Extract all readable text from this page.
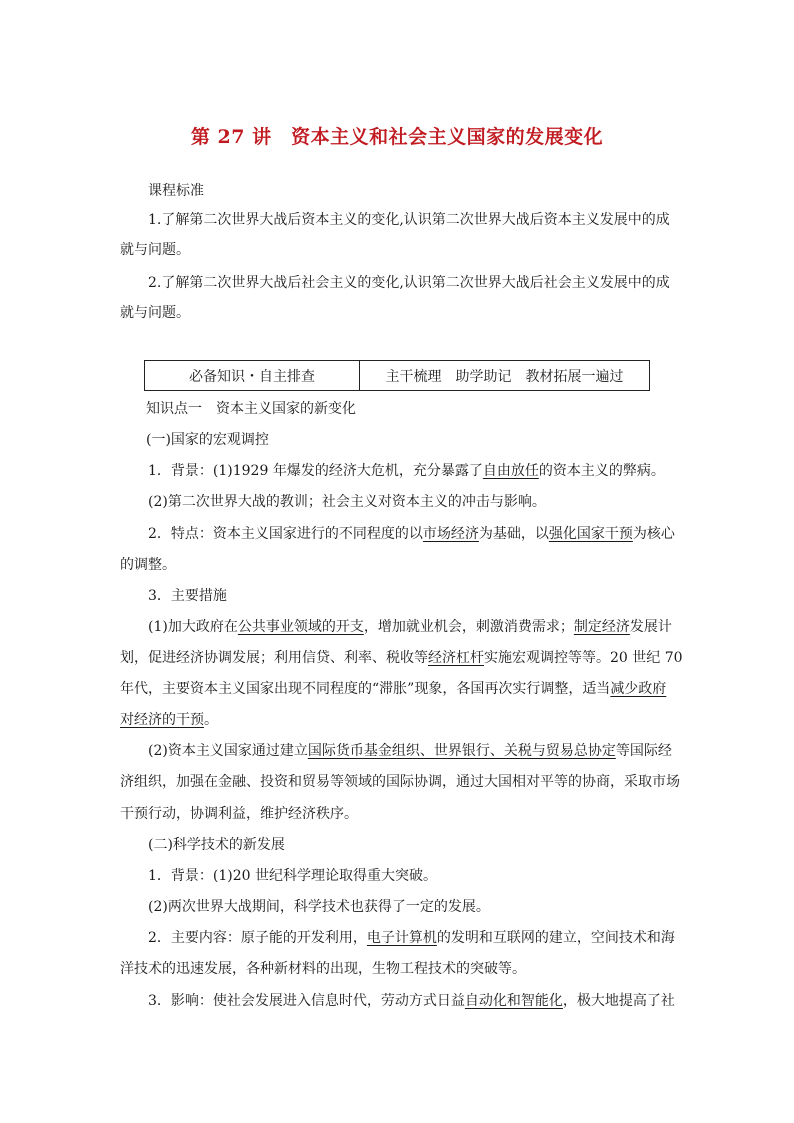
第 27 讲　资本主义和社会主义国家的发展变化
课程标准
1.了解第二次世界大战后资本主义的变化,认识第二次世界大战后资本主义发展中的成
就与问题。
2.了解第二次世界大战后社会主义的变化,认识第二次世界大战后社会主义发展中的成
就与问题。
必备知识・自主排查	主干梳理　助学助记　教材拓展一遍过
知识点一　资本主义国家的新变化
(一)国家的宏观调控
1．背景：(1)1929 年爆发的经济大危机，充分暴露了自由放任的资本主义的弊病。
(2)第二次世界大战的教训；社会主义对资本主义的冲击与影响。
2．特点：资本主义国家进行的不同程度的以市场经济为基础，以强化国家干预为核心
的调整。
3．主要措施
(1)加大政府在公共事业领域的开支，增加就业机会，刺激消费需求；制定经济发展计
划，促进经济协调发展；利用信贷、利率、税收等经济杠杆实施宏观调控等等。20 世纪 70
年代，主要资本主义国家出现不同程度的“滞胀”现象，各国再次实行调整，适当减少政府
对经济的干预。
(2)资本主义国家通过建立国际货币基金组织、世界银行、关税与贸易总协定等国际经
济组织，加强在金融、投资和贸易等领域的国际协调，通过大国相对平等的协商，采取市场
干预行动，协调利益，维护经济秩序。
(二)科学技术的新发展
1．背景：(1)20 世纪科学理论取得重大突破。
(2)两次世界大战期间，科学技术也获得了一定的发展。
2．主要内容：原子能的开发利用，电子计算机的发明和互联网的建立，空间技术和海
洋技术的迅速发展，各种新材料的出现，生物工程技术的突破等。
3．影响：使社会发展进入信息时代，劳动方式日益自动化和智能化，极大地提高了社
